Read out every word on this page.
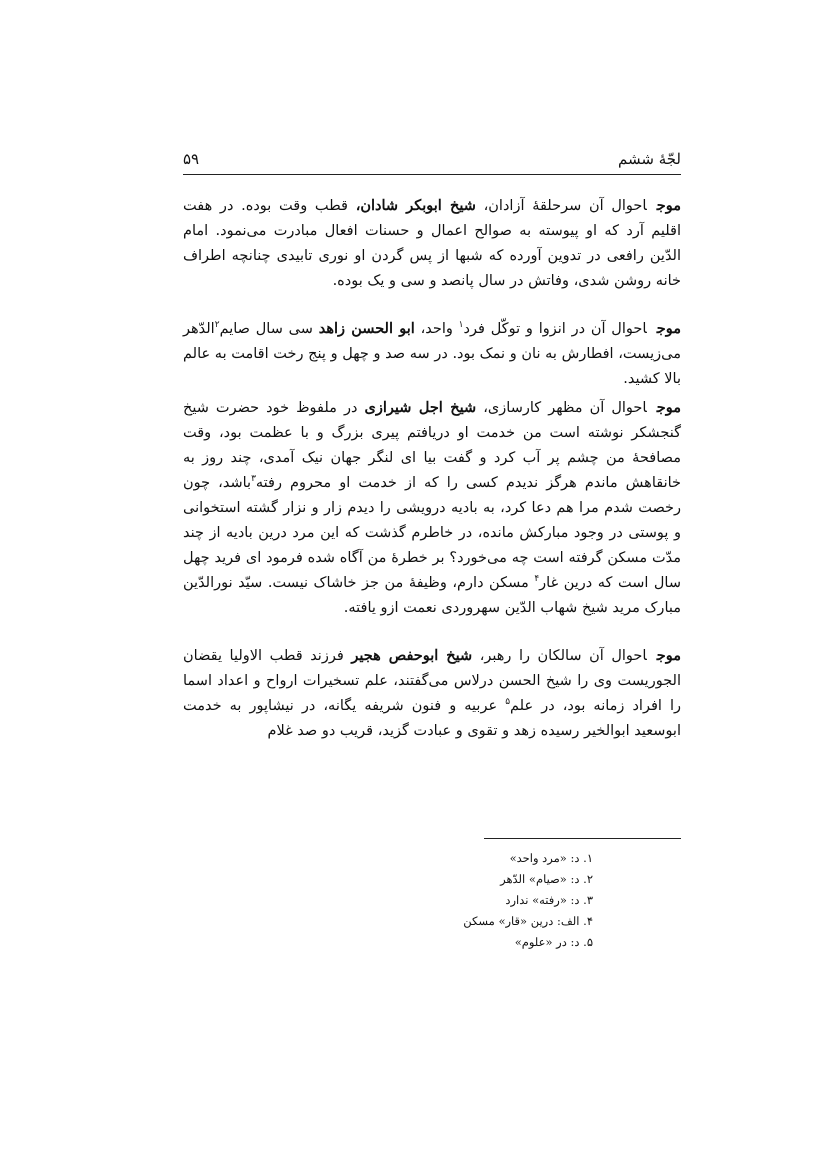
لجّهٔ ششم
۵۹

موجاحوال آن سرحلقهٔ آزادان، شیخ ابوبکر شادان، قطب وقت بوده. در هفت اقلیم آرد که او پیوسته به صوالح اعمال و حسنات افعال مبادرت می‌نمود. امام الدّین رافعی در تدوین آورده که شبها از پس گردن او نوری تابیدی چنانچه اطراف خانه روشن شدی، وفاتش در سال پانصد و سی و یک بوده.

موجاحوال آن در انزوا و توکّل فرد$^۱$ واحد، ابو الحسن زاهد سی سال صایم$^۲$الدّهر می‌زیست، افطارش به نان و نمک بود. در سه صد و چهل و پنج رخت اقامت به عالم بالا کشید.

موجاحوال آن مظهر کارسازی، شیخ اجل شیرازی در ملفوظ خود حضرت شیخ گنجشکر نوشته است من خدمت او دریافتم پیری بزرگ و با عظمت بود، وقت مصافحهٔ من چشم پر آب کرد و گفت بیا ای لنگر جهان نیک آمدی، چند روز به خانقاهش ماندم هرگز ندیدم کسی را که از خدمت او محروم رفته$^۳$باشد، چون رخصت شدم مرا هم دعا کرد، به بادیه درویشی را دیدم زار و نزار گشته استخوانی و پوستی در وجود مبارکش مانده، در خاطرم گذشت که این مرد درین بادیه از چند مدّت مسکن گرفته است چه می‌خورد؟ بر خطرهٔ من آگاه شده فرمود ای فرید چهل سال است که درین غار$^۴$ مسکن دارم، وظیفهٔ من جز خاشاک نیست. سیّد نورالدّین مبارک مرید شیخ شهاب الدّین سهروردی نعمت ازو یافته.

موجاحوال آن سالکان را رهبر، شیخ ابوحفص هجیر فرزند قطب الاولیا یقضان الجوریست وی را شیخ الحسن درلاس می‌گفتند، علم تسخیرات ارواح و اعداد اسما را افراد زمانه بود، در علم$^۵$ عربیه و فنون شریفه یگانه، در نیشاپور به خدمت ابوسعید ابوالخیر رسیده زهد و تقوی و عبادت گزید، قریب دو صد غلام

۱. د: «مرد واحد»

۲. د: «صیام» الدّهر

۳. د: «رفته» ندارد

۴. الف: درین «قار» مسکن

۵. د: در «علوم»
